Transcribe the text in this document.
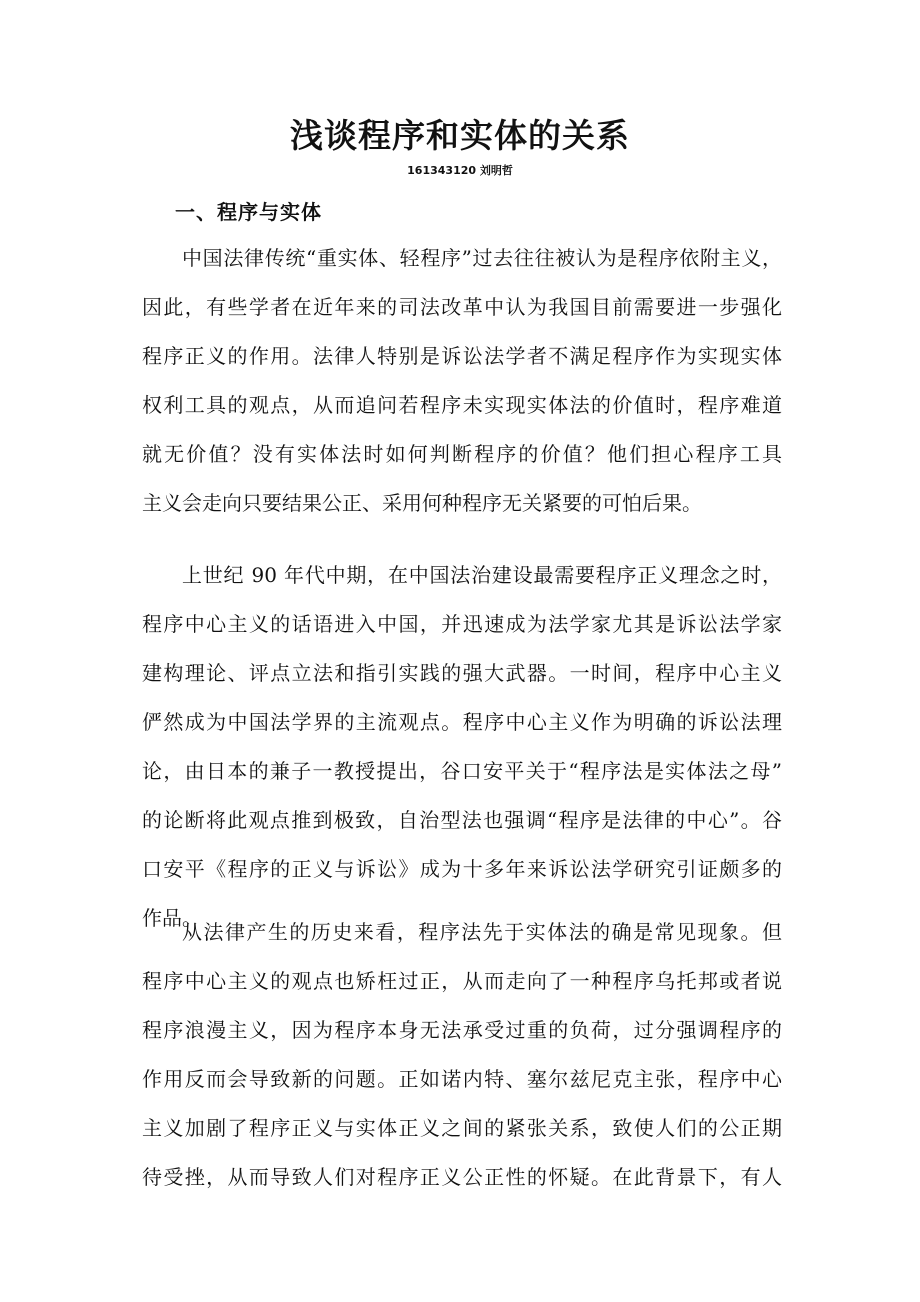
浅谈程序和实体的关系
161343120 刘明哲
一、程序与实体
中国法律传统“重实体、轻程序”过去往往被认为是程序依附主义，
因此，有些学者在近年来的司法改革中认为我国目前需要进一步强化
程序正义的作用。法律人特别是诉讼法学者不满足程序作为实现实体
权利工具的观点，从而追问若程序未实现实体法的价值时，程序难道
就无价值？没有实体法时如何判断程序的价值？他们担心程序工具
主义会走向只要结果公正、采用何种程序无关紧要的可怕后果。
上世纪 90 年代中期，在中国法治建设最需要程序正义理念之时，
程序中心主义的话语进入中国，并迅速成为法学家尤其是诉讼法学家
建构理论、评点立法和指引实践的强大武器。一时间，程序中心主义
俨然成为中国法学界的主流观点。程序中心主义作为明确的诉讼法理
论，由日本的兼子一教授提出，谷口安平关于“程序法是实体法之母”
的论断将此观点推到极致，自治型法也强调“程序是法律的中心”。谷
口安平《程序的正义与诉讼》成为十多年来诉讼法学研究引证颇多的
作品。
从法律产生的历史来看，程序法先于实体法的确是常见现象。但
程序中心主义的观点也矫枉过正，从而走向了一种程序乌托邦或者说
程序浪漫主义，因为程序本身无法承受过重的负荷，过分强调程序的
作用反而会导致新的问题。正如诺内特、塞尔兹尼克主张，程序中心
主义加剧了程序正义与实体正义之间的紧张关系，致使人们的公正期
待受挫，从而导致人们对程序正义公正性的怀疑。在此背景下，有人
